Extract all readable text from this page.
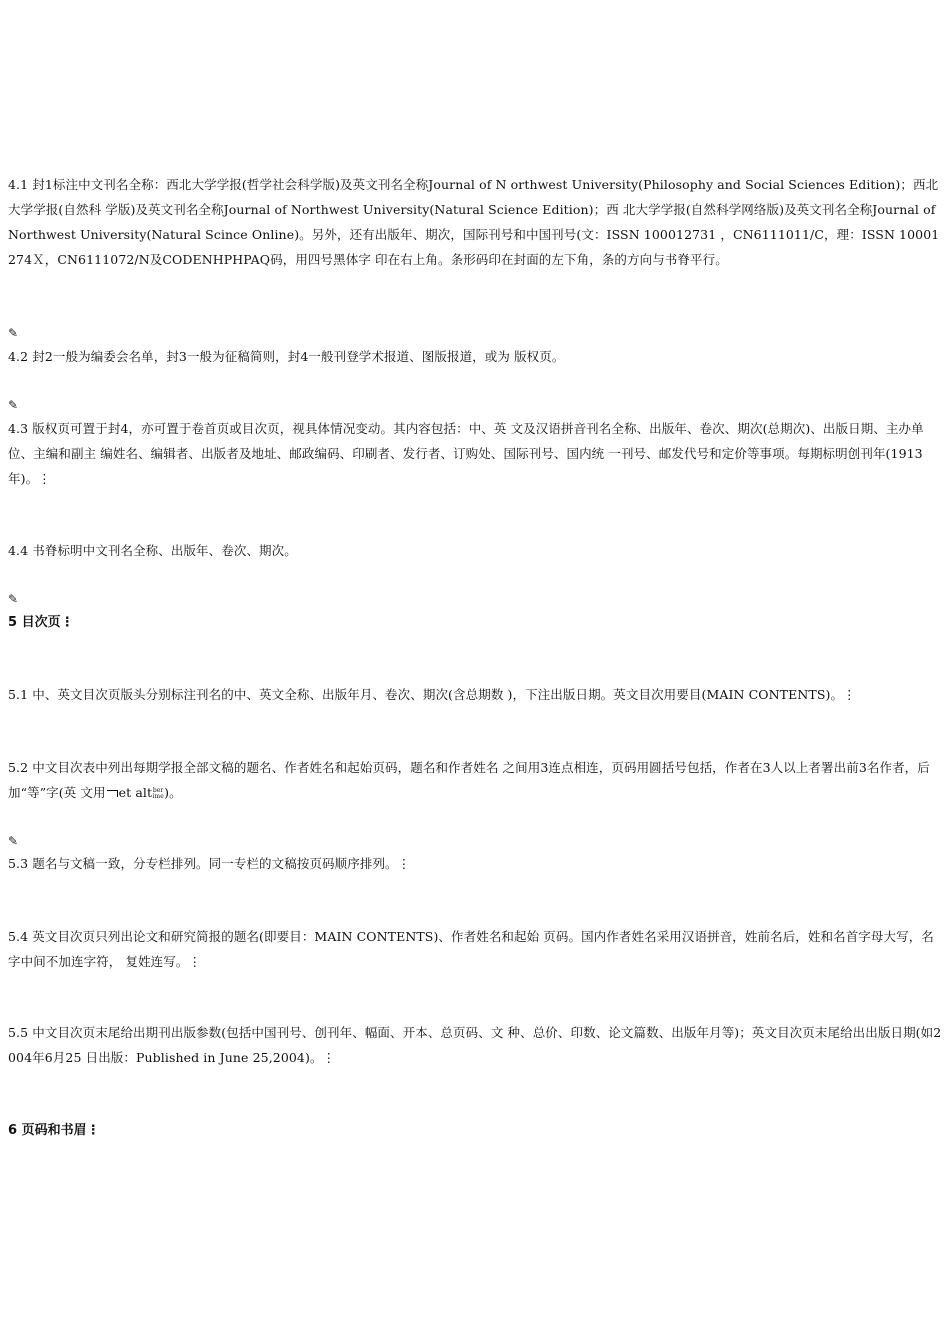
4.1 封1标注中文刊名全称：西北大学学报(哲学社会科学版)及英文刊名全称Journal of N orthwest University(Philosophy and Social Sciences Edition)；西北大学学报(自然科 学版)及英文刊名全称Journal of Northwest University(Natural Science Edition)；西 北大学学报(自然科学网络版)及英文刊名全称Journal of Northwest University(Natural Scince Online)。另外，还有出版年、期次，国际刊号和中国刊号(文：ISSN 100012731 ，CN6111011/C，理：ISSN 10001274Ｘ，CN6111072/N及CODENHPHPAQ码，用四号黑体字 印在右上角。条形码印在封面的左下角，条的方向与书脊平行。
✎
4.2 封2一般为编委会名单，封3一般为征稿简则，封4一般刊登学术报道、图版报道，或为 版权页。
✎
4.3 版权页可置于封4，亦可置于卷首页或目次页，视具体情况变动。其内容包括：中、英 文及汉语拼音刊名全称、出版年、卷次、期次(总期次)、出版日期、主办单位、主编和副主 编姓名、编辑者、出版者及地址、邮政编码、印刷者、发行者、订购处、国际刊号、国内统 一刊号、邮发代号和定价等事项。每期标明创刊年(1913年)。⋮
4.4 书脊标明中文刊名全称、出版年、卷次、期次。
✎
5 目次页⋮
5.1 中、英文目次页版头分别标注刊名的中、英文全称、出版年月、卷次、期次(含总期数 )，下注出版日期。英文目次用要目(MAIN CONTENTS)。⋮
5.2 中文目次表中列出每期学报全部文稿的题名、作者姓名和起始页码，题名和作者姓名 之间用3连点相连，页码用圆括号包括，作者在3人以上者署出前3名作者，后加“等”字(英 文用 et alt ber
ime )。
✎
5.3 题名与文稿一致，分专栏排列。同一专栏的文稿按页码顺序排列。⋮
5.4 英文目次页只列出论文和研究简报的题名(即要目：MAIN CONTENTS)、作者姓名和起始 页码。国内作者姓名采用汉语拼音，姓前名后，姓和名首字母大写，名字中间不加连字符， 复姓连写。⋮
5.5 中文目次页末尾给出期刊出版参数(包括中国刊号、创刊年、幅面、开本、总页码、文 种、总价、印数、论文篇数、出版年月等)；英文目次页末尾给出出版日期(如2004年6月25 日出版：Published in June 25,2004)。⋮
6 页码和书眉⋮
